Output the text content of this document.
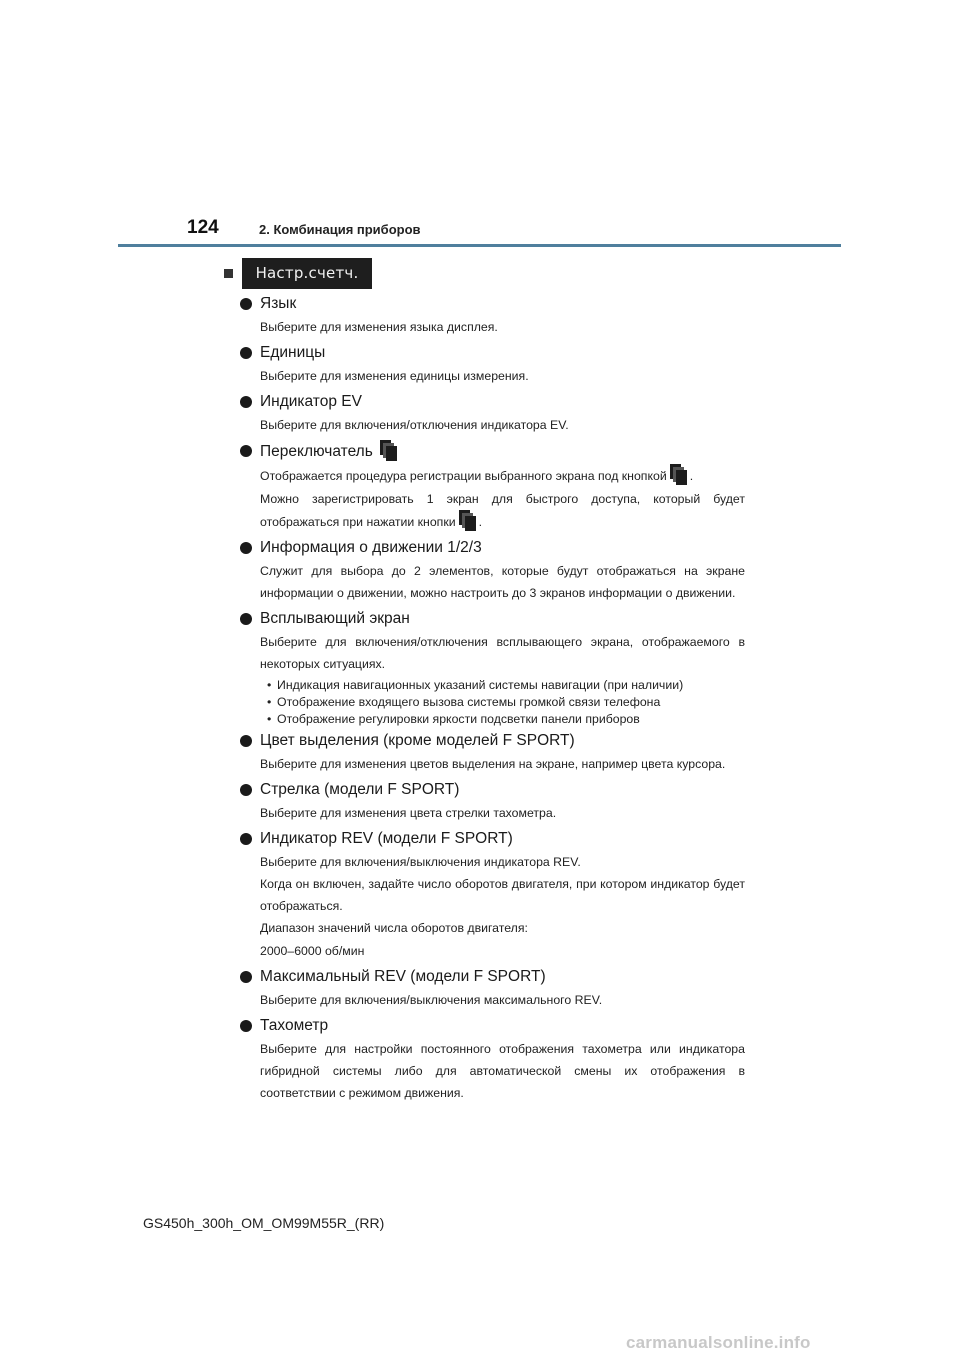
124	2. Комбинация приборов
Настр.счетч.
Язык
Выберите для изменения языка дисплея.
Единицы
Выберите для изменения единицы измерения.
Индикатор EV
Выберите для включения/отключения индикатора EV.
Переключатель
Отображается процедура регистрации выбранного экрана под кнопкой .
Можно зарегистрировать 1 экран для быстрого доступа, который будет отображаться при нажатии кнопки .
Информация о движении 1/2/3
Служит для выбора до 2 элементов, которые будут отображаться на экране информации о движении, можно настроить до 3 экранов информации о движении.
Всплывающий экран
Выберите для включения/отключения всплывающего экрана, отображаемого в некоторых ситуациях.
• Индикация навигационных указаний системы навигации (при наличии)
• Отображение входящего вызова системы громкой связи телефона
• Отображение регулировки яркости подсветки панели приборов
Цвет выделения (кроме моделей F SPORT)
Выберите для изменения цветов выделения на экране, например цвета курсора.
Стрелка (модели F SPORT)
Выберите для изменения цвета стрелки тахометра.
Индикатор REV (модели F SPORT)
Выберите для включения/выключения индикатора REV.
Когда он включен, задайте число оборотов двигателя, при котором индикатор будет отображаться.
Диапазон значений числа оборотов двигателя:
2000–6000 об/мин
Максимальный REV (модели F SPORT)
Выберите для включения/выключения максимального REV.
Тахометр
Выберите для настройки постоянного отображения тахометра или индикатора гибридной системы либо для автоматической смены их отображения в соответствии с режимом движения.
GS450h_300h_OM_OM99M55R_(RR)
carmanualsonline.info
